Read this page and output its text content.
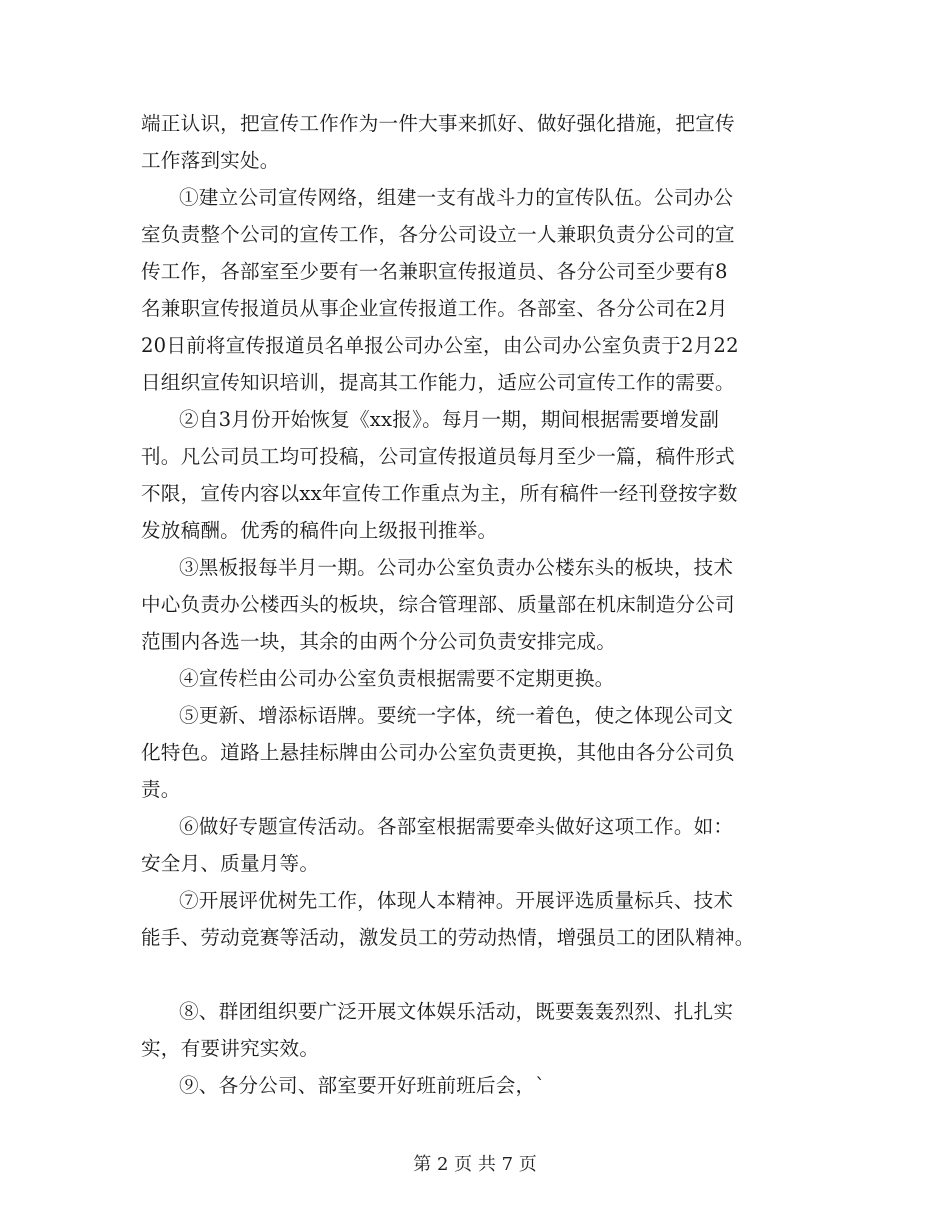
端正认识，把宣传工作作为一件大事来抓好、做好强化措施，把宣传
工作落到实处。
①建立公司宣传网络，组建一支有战斗力的宣传队伍。公司办公
室负责整个公司的宣传工作，各分公司设立一人兼职负责分公司的宣
传工作，各部室至少要有一名兼职宣传报道员、各分公司至少要有8
名兼职宣传报道员从事企业宣传报道工作。各部室、各分公司在2月
20日前将宣传报道员名单报公司办公室，由公司办公室负责于2月22
日组织宣传知识培训，提高其工作能力，适应公司宣传工作的需要。
②自3月份开始恢复《xx报》。每月一期，期间根据需要增发副
刊。凡公司员工均可投稿，公司宣传报道员每月至少一篇，稿件形式
不限，宣传内容以xx年宣传工作重点为主，所有稿件一经刊登按字数
发放稿酬。优秀的稿件向上级报刊推举。
③黑板报每半月一期。公司办公室负责办公楼东头的板块，技术
中心负责办公楼西头的板块，综合管理部、质量部在机床制造分公司
范围内各选一块，其余的由两个分公司负责安排完成。
④宣传栏由公司办公室负责根据需要不定期更换。
⑤更新、增添标语牌。要统一字体，统一着色，使之体现公司文
化特色。道路上悬挂标牌由公司办公室负责更换，其他由各分公司负
责。
⑥做好专题宣传活动。各部室根据需要牵头做好这项工作。如：
安全月、质量月等。
⑦开展评优树先工作，体现人本精神。开展评选质量标兵、技术
能手、劳动竞赛等活动，激发员工的劳动热情，增强员工的团队精神。
⑧、群团组织要广泛开展文体娱乐活动，既要轰轰烈烈、扎扎实
实，有要讲究实效。
⑨、各分公司、部室要开好班前班后会，`
第 2 页 共 7 页
